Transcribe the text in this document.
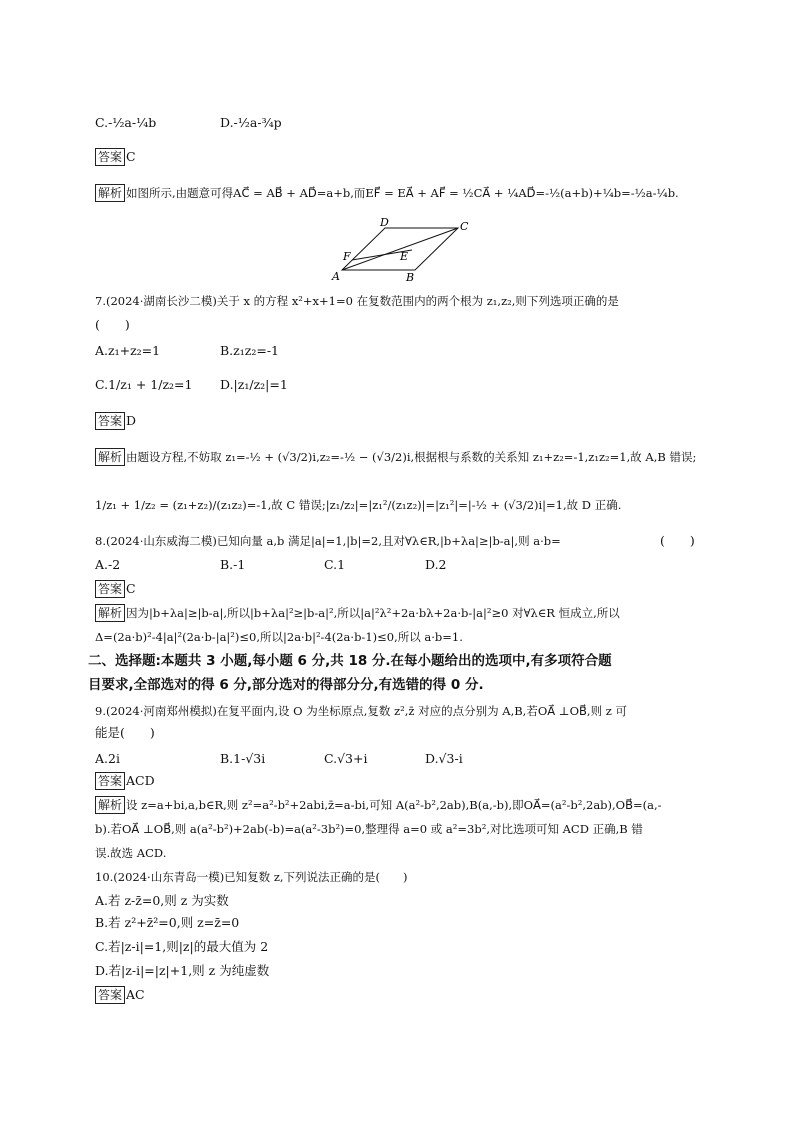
C.-½a-¼b	D.-½a-¾p
答案 C
解析 如图所示,由题意可得AC⃗ = AB⃗ + AD⃗=a+b,而EF⃗ = EA⃗ + AF⃗ = ½CA⃗ + ¼AD⃗=-½(a+b)+¼b=-½a-¼b.
A	B
C
D
E
F
7.(2024·湖南长沙二模)关于 x 的方程 x²+x+1=0 在复数范围内的两个根为 z₁,z₂,则下列选项正确的是
(　　)
A.z₁+z₂=1	B.z₁z₂=-1
C.1/z₁ + 1/z₂=1 D.|z₁/z₂|=1
答案 D
解析 由题设方程,不妨取 z₁=-½ + (√3/2)i,z₂=-½ − (√3/2)i,根据根与系数的关系知 z₁+z₂=-1,z₁z₂=1,故 A,B 错误;
1/z₁ + 1/z₂ = (z₁+z₂)/(z₁z₂)=-1,故 C 错误;|z₁/z₂|=|z₁²/(z₁z₂)|=|z₁²|=|-½ + (√3/2)i|=1,故 D 正确.
8.(2024·山东威海二模)已知向量 a,b 满足|a|=1,|b|=2,且对∀λ∈R,|b+λa|≥|b-a|,则 a·b=	(　　)
A.-2	B.-1	C.1	D.2
答案 C
解析 因为|b+λa|≥|b-a|,所以|b+λa|²≥|b-a|²,所以|a|²λ²+2a·bλ+2a·b-|a|²≥0 对∀λ∈R 恒成立,所以
Δ=(2a·b)²-4|a|²(2a·b-|a|²)≤0,所以|2a·b|²-4(2a·b-1)≤0,所以 a·b=1.
二、选择题:本题共 3 小题,每小题 6 分,共 18 分.在每小题给出的选项中,有多项符合题
目要求,全部选对的得 6 分,部分选对的得部分分,有选错的得 0 分.
9.(2024·河南郑州模拟)在复平面内,设 O 为坐标原点,复数 z²,z̄ 对应的点分别为 A,B,若OA⃗ ⊥OB⃗,则 z 可
能是(　　)
A.2i	B.1-√3i	C.√3+i	D.√3-i
答案 ACD
解析 设 z=a+bi,a,b∈R,则 z²=a²-b²+2abi,z̄=a-bi,可知 A(a²-b²,2ab),B(a,-b),即OA⃗=(a²-b²,2ab),OB⃗=(a,-
b).若OA⃗ ⊥OB⃗,则 a(a²-b²)+2ab(-b)=a(a²-3b²)=0,整理得 a=0 或 a²=3b²,对比选项可知 ACD 正确,B 错
误.故选 ACD.
10.(2024·山东青岛一模)已知复数 z,下列说法正确的是(　　)
A.若 z-z̄=0,则 z 为实数
B.若 z²+z̄²=0,则 z=z̄=0
C.若|z-i|=1,则|z|的最大值为 2
D.若|z-i|=|z|+1,则 z 为纯虚数
答案 AC
